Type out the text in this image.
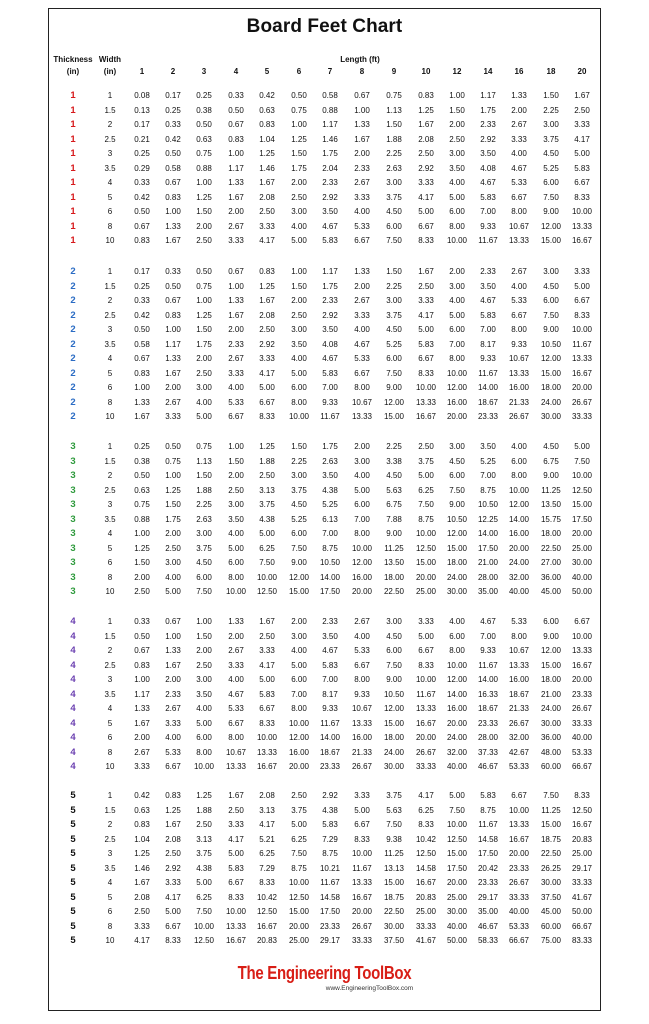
Board Feet Chart
Thickness
(in)
Width
(in)
Length (ft)
1	2	3	4	5	6	7	8	9	10	12	14	16	18	20
1	1	0.08	0.17	0.25	0.33	0.42	0.50	0.58	0.67	0.75	0.83	1.00	1.17	1.33	1.50	1.67
1	1.5	0.13	0.25	0.38	0.50	0.63	0.75	0.88	1.00	1.13	1.25	1.50	1.75	2.00	2.25	2.50
1	2	0.17	0.33	0.50	0.67	0.83	1.00	1.17	1.33	1.50	1.67	2.00	2.33	2.67	3.00	3.33
1	2.5	0.21	0.42	0.63	0.83	1.04	1.25	1.46	1.67	1.88	2.08	2.50	2.92	3.33	3.75	4.17
1	3	0.25	0.50	0.75	1.00	1.25	1.50	1.75	2.00	2.25	2.50	3.00	3.50	4.00	4.50	5.00
1	3.5	0.29	0.58	0.88	1.17	1.46	1.75	2.04	2.33	2.63	2.92	3.50	4.08	4.67	5.25	5.83
1	4	0.33	0.67	1.00	1.33	1.67	2.00	2.33	2.67	3.00	3.33	4.00	4.67	5.33	6.00	6.67
1	5	0.42	0.83	1.25	1.67	2.08	2.50	2.92	3.33	3.75	4.17	5.00	5.83	6.67	7.50	8.33
1	6	0.50	1.00	1.50	2.00	2.50	3.00	3.50	4.00	4.50	5.00	6.00	7.00	8.00	9.00	10.00
1	8	0.67	1.33	2.00	2.67	3.33	4.00	4.67	5.33	6.00	6.67	8.00	9.33	10.67	12.00	13.33
1	10	0.83	1.67	2.50	3.33	4.17	5.00	5.83	6.67	7.50	8.33	10.00	11.67	13.33	15.00	16.67
2	1	0.17	0.33	0.50	0.67	0.83	1.00	1.17	1.33	1.50	1.67	2.00	2.33	2.67	3.00	3.33
2	1.5	0.25	0.50	0.75	1.00	1.25	1.50	1.75	2.00	2.25	2.50	3.00	3.50	4.00	4.50	5.00
2	2	0.33	0.67	1.00	1.33	1.67	2.00	2.33	2.67	3.00	3.33	4.00	4.67	5.33	6.00	6.67
2	2.5	0.42	0.83	1.25	1.67	2.08	2.50	2.92	3.33	3.75	4.17	5.00	5.83	6.67	7.50	8.33
2	3	0.50	1.00	1.50	2.00	2.50	3.00	3.50	4.00	4.50	5.00	6.00	7.00	8.00	9.00	10.00
2	3.5	0.58	1.17	1.75	2.33	2.92	3.50	4.08	4.67	5.25	5.83	7.00	8.17	9.33	10.50	11.67
2	4	0.67	1.33	2.00	2.67	3.33	4.00	4.67	5.33	6.00	6.67	8.00	9.33	10.67	12.00	13.33
2	5	0.83	1.67	2.50	3.33	4.17	5.00	5.83	6.67	7.50	8.33	10.00	11.67	13.33	15.00	16.67
2	6	1.00	2.00	3.00	4.00	5.00	6.00	7.00	8.00	9.00	10.00	12.00	14.00	16.00	18.00	20.00
2	8	1.33	2.67	4.00	5.33	6.67	8.00	9.33	10.67	12.00	13.33	16.00	18.67	21.33	24.00	26.67
2	10	1.67	3.33	5.00	6.67	8.33	10.00	11.67	13.33	15.00	16.67	20.00	23.33	26.67	30.00	33.33
3	1	0.25	0.50	0.75	1.00	1.25	1.50	1.75	2.00	2.25	2.50	3.00	3.50	4.00	4.50	5.00
3	1.5	0.38	0.75	1.13	1.50	1.88	2.25	2.63	3.00	3.38	3.75	4.50	5.25	6.00	6.75	7.50
3	2	0.50	1.00	1.50	2.00	2.50	3.00	3.50	4.00	4.50	5.00	6.00	7.00	8.00	9.00	10.00
3	2.5	0.63	1.25	1.88	2.50	3.13	3.75	4.38	5.00	5.63	6.25	7.50	8.75	10.00	11.25	12.50
3	3	0.75	1.50	2.25	3.00	3.75	4.50	5.25	6.00	6.75	7.50	9.00	10.50	12.00	13.50	15.00
3	3.5	0.88	1.75	2.63	3.50	4.38	5.25	6.13	7.00	7.88	8.75	10.50	12.25	14.00	15.75	17.50
3	4	1.00	2.00	3.00	4.00	5.00	6.00	7.00	8.00	9.00	10.00	12.00	14.00	16.00	18.00	20.00
3	5	1.25	2.50	3.75	5.00	6.25	7.50	8.75	10.00	11.25	12.50	15.00	17.50	20.00	22.50	25.00
3	6	1.50	3.00	4.50	6.00	7.50	9.00	10.50	12.00	13.50	15.00	18.00	21.00	24.00	27.00	30.00
3	8	2.00	4.00	6.00	8.00	10.00	12.00	14.00	16.00	18.00	20.00	24.00	28.00	32.00	36.00	40.00
3	10	2.50	5.00	7.50	10.00	12.50	15.00	17.50	20.00	22.50	25.00	30.00	35.00	40.00	45.00	50.00
4	1	0.33	0.67	1.00	1.33	1.67	2.00	2.33	2.67	3.00	3.33	4.00	4.67	5.33	6.00	6.67
4	1.5	0.50	1.00	1.50	2.00	2.50	3.00	3.50	4.00	4.50	5.00	6.00	7.00	8.00	9.00	10.00
4	2	0.67	1.33	2.00	2.67	3.33	4.00	4.67	5.33	6.00	6.67	8.00	9.33	10.67	12.00	13.33
4	2.5	0.83	1.67	2.50	3.33	4.17	5.00	5.83	6.67	7.50	8.33	10.00	11.67	13.33	15.00	16.67
4	3	1.00	2.00	3.00	4.00	5.00	6.00	7.00	8.00	9.00	10.00	12.00	14.00	16.00	18.00	20.00
4	3.5	1.17	2.33	3.50	4.67	5.83	7.00	8.17	9.33	10.50	11.67	14.00	16.33	18.67	21.00	23.33
4	4	1.33	2.67	4.00	5.33	6.67	8.00	9.33	10.67	12.00	13.33	16.00	18.67	21.33	24.00	26.67
4	5	1.67	3.33	5.00	6.67	8.33	10.00	11.67	13.33	15.00	16.67	20.00	23.33	26.67	30.00	33.33
4	6	2.00	4.00	6.00	8.00	10.00	12.00	14.00	16.00	18.00	20.00	24.00	28.00	32.00	36.00	40.00
4	8	2.67	5.33	8.00	10.67	13.33	16.00	18.67	21.33	24.00	26.67	32.00	37.33	42.67	48.00	53.33
4	10	3.33	6.67	10.00	13.33	16.67	20.00	23.33	26.67	30.00	33.33	40.00	46.67	53.33	60.00	66.67
5	1	0.42	0.83	1.25	1.67	2.08	2.50	2.92	3.33	3.75	4.17	5.00	5.83	6.67	7.50	8.33
5	1.5	0.63	1.25	1.88	2.50	3.13	3.75	4.38	5.00	5.63	6.25	7.50	8.75	10.00	11.25	12.50
5	2	0.83	1.67	2.50	3.33	4.17	5.00	5.83	6.67	7.50	8.33	10.00	11.67	13.33	15.00	16.67
5	2.5	1.04	2.08	3.13	4.17	5.21	6.25	7.29	8.33	9.38	10.42	12.50	14.58	16.67	18.75	20.83
5	3	1.25	2.50	3.75	5.00	6.25	7.50	8.75	10.00	11.25	12.50	15.00	17.50	20.00	22.50	25.00
5	3.5	1.46	2.92	4.38	5.83	7.29	8.75	10.21	11.67	13.13	14.58	17.50	20.42	23.33	26.25	29.17
5	4	1.67	3.33	5.00	6.67	8.33	10.00	11.67	13.33	15.00	16.67	20.00	23.33	26.67	30.00	33.33
5	5	2.08	4.17	6.25	8.33	10.42	12.50	14.58	16.67	18.75	20.83	25.00	29.17	33.33	37.50	41.67
5	6	2.50	5.00	7.50	10.00	12.50	15.00	17.50	20.00	22.50	25.00	30.00	35.00	40.00	45.00	50.00
5	8	3.33	6.67	10.00	13.33	16.67	20.00	23.33	26.67	30.00	33.33	40.00	46.67	53.33	60.00	66.67
5	10	4.17	8.33	12.50	16.67	20.83	25.00	29.17	33.33	37.50	41.67	50.00	58.33	66.67	75.00	83.33
The Engineering ToolBox
www.EngineeringToolBox.com
